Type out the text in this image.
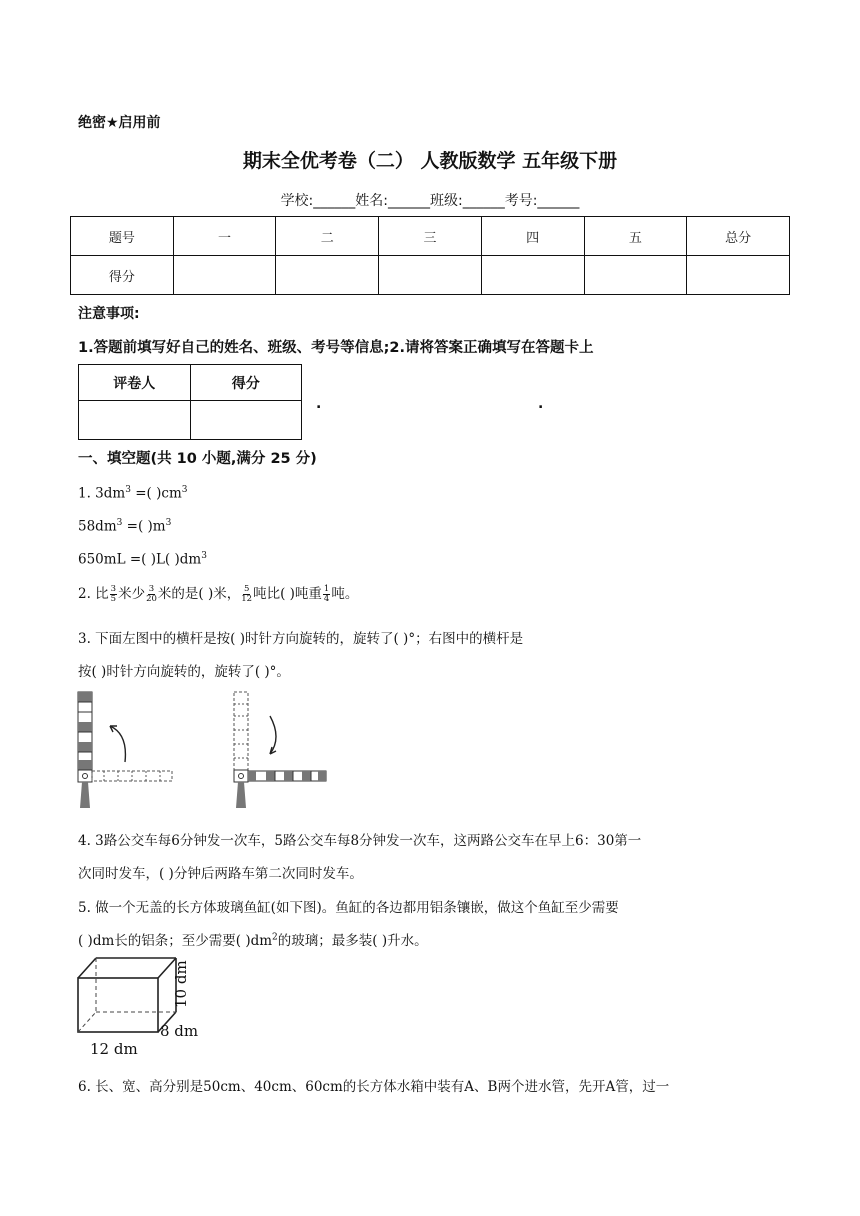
绝密★启用前
期末全优考卷（二） 人教版数学 五年级下册
学校:______姓名:______班级:______考号:______
题号	一	二	三	四	五	总分
得分						
注意事项:
1.答题前填写好自己的姓名、班级、考号等信息;2.请将答案正确填写在答题卡上
评卷人	得分

.	.
一、填空题(共 10 小题,满分 25 分)
1. $3dm^3$ =( )$cm^3$
$58dm^3$ =( )$m^3$
650mL =( )L( )$dm^3$
2. 比 $\frac{3}{5}$ 米少 $\frac{3}{20}$ 米的是( )米， $\frac{5}{12}$ 吨比( )吨重 $\frac{1}{4}$ 吨。
3. 下面左图中的横杆是按( )时针方向旋转的，旋转了( )°；右图中的横杆是
按( )时针方向旋转的，旋转了( )°。
4. 3路公交车每6分钟发一次车，5路公交车每8分钟发一次车，这两路公交车在早上6：30第一
次同时发车，( )分钟后两路车第二次同时发车。
5. 做一个无盖的长方体玻璃鱼缸(如下图)。鱼缸的各边都用铝条镶嵌，做这个鱼缸至少需要
( )dm长的铝条；至少需要( )$dm^2$的玻璃；最多装( )升水。
10 dm
8 dm
12 dm
6. 长、宽、高分别是50cm、40cm、60cm的长方体水箱中装有A、B两个进水管，先开A管，过一
